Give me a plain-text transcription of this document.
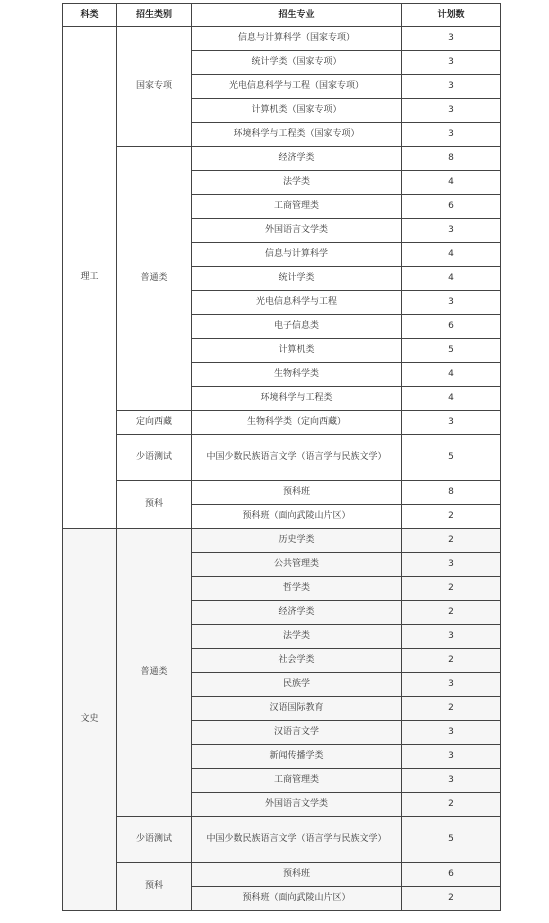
科类	招生类别	招生专业	计划数
理工	国家专项	信息与计算科学（国家专项）	3
		统计学类（国家专项）	3
		光电信息科学与工程（国家专项）	3
		计算机类（国家专项）	3
		环境科学与工程类（国家专项）	3
	普通类	经济学类	8
		法学类	4
		工商管理类	6
		外国语言文学类	3
		信息与计算科学	4
		统计学类	4
		光电信息科学与工程	3
		电子信息类	6
		计算机类	5
		生物科学类	4
		环境科学与工程类	4
	定向西藏	生物科学类（定向西藏）	3
	少语测试	中国少数民族语言文学（语言学与民族文学）	5
	预科	预科班	8
		预科班（面向武陵山片区）	2
文史	普通类	历史学类	2
		公共管理类	3
		哲学类	2
		经济学类	2
		法学类	3
		社会学类	2
		民族学	3
		汉语国际教育	2
		汉语言文学	3
		新闻传播学类	3
		工商管理类	3
		外国语言文学类	2
	少语测试	中国少数民族语言文学（语言学与民族文学）	5
	预科	预科班	6
		预科班（面向武陵山片区）	2
